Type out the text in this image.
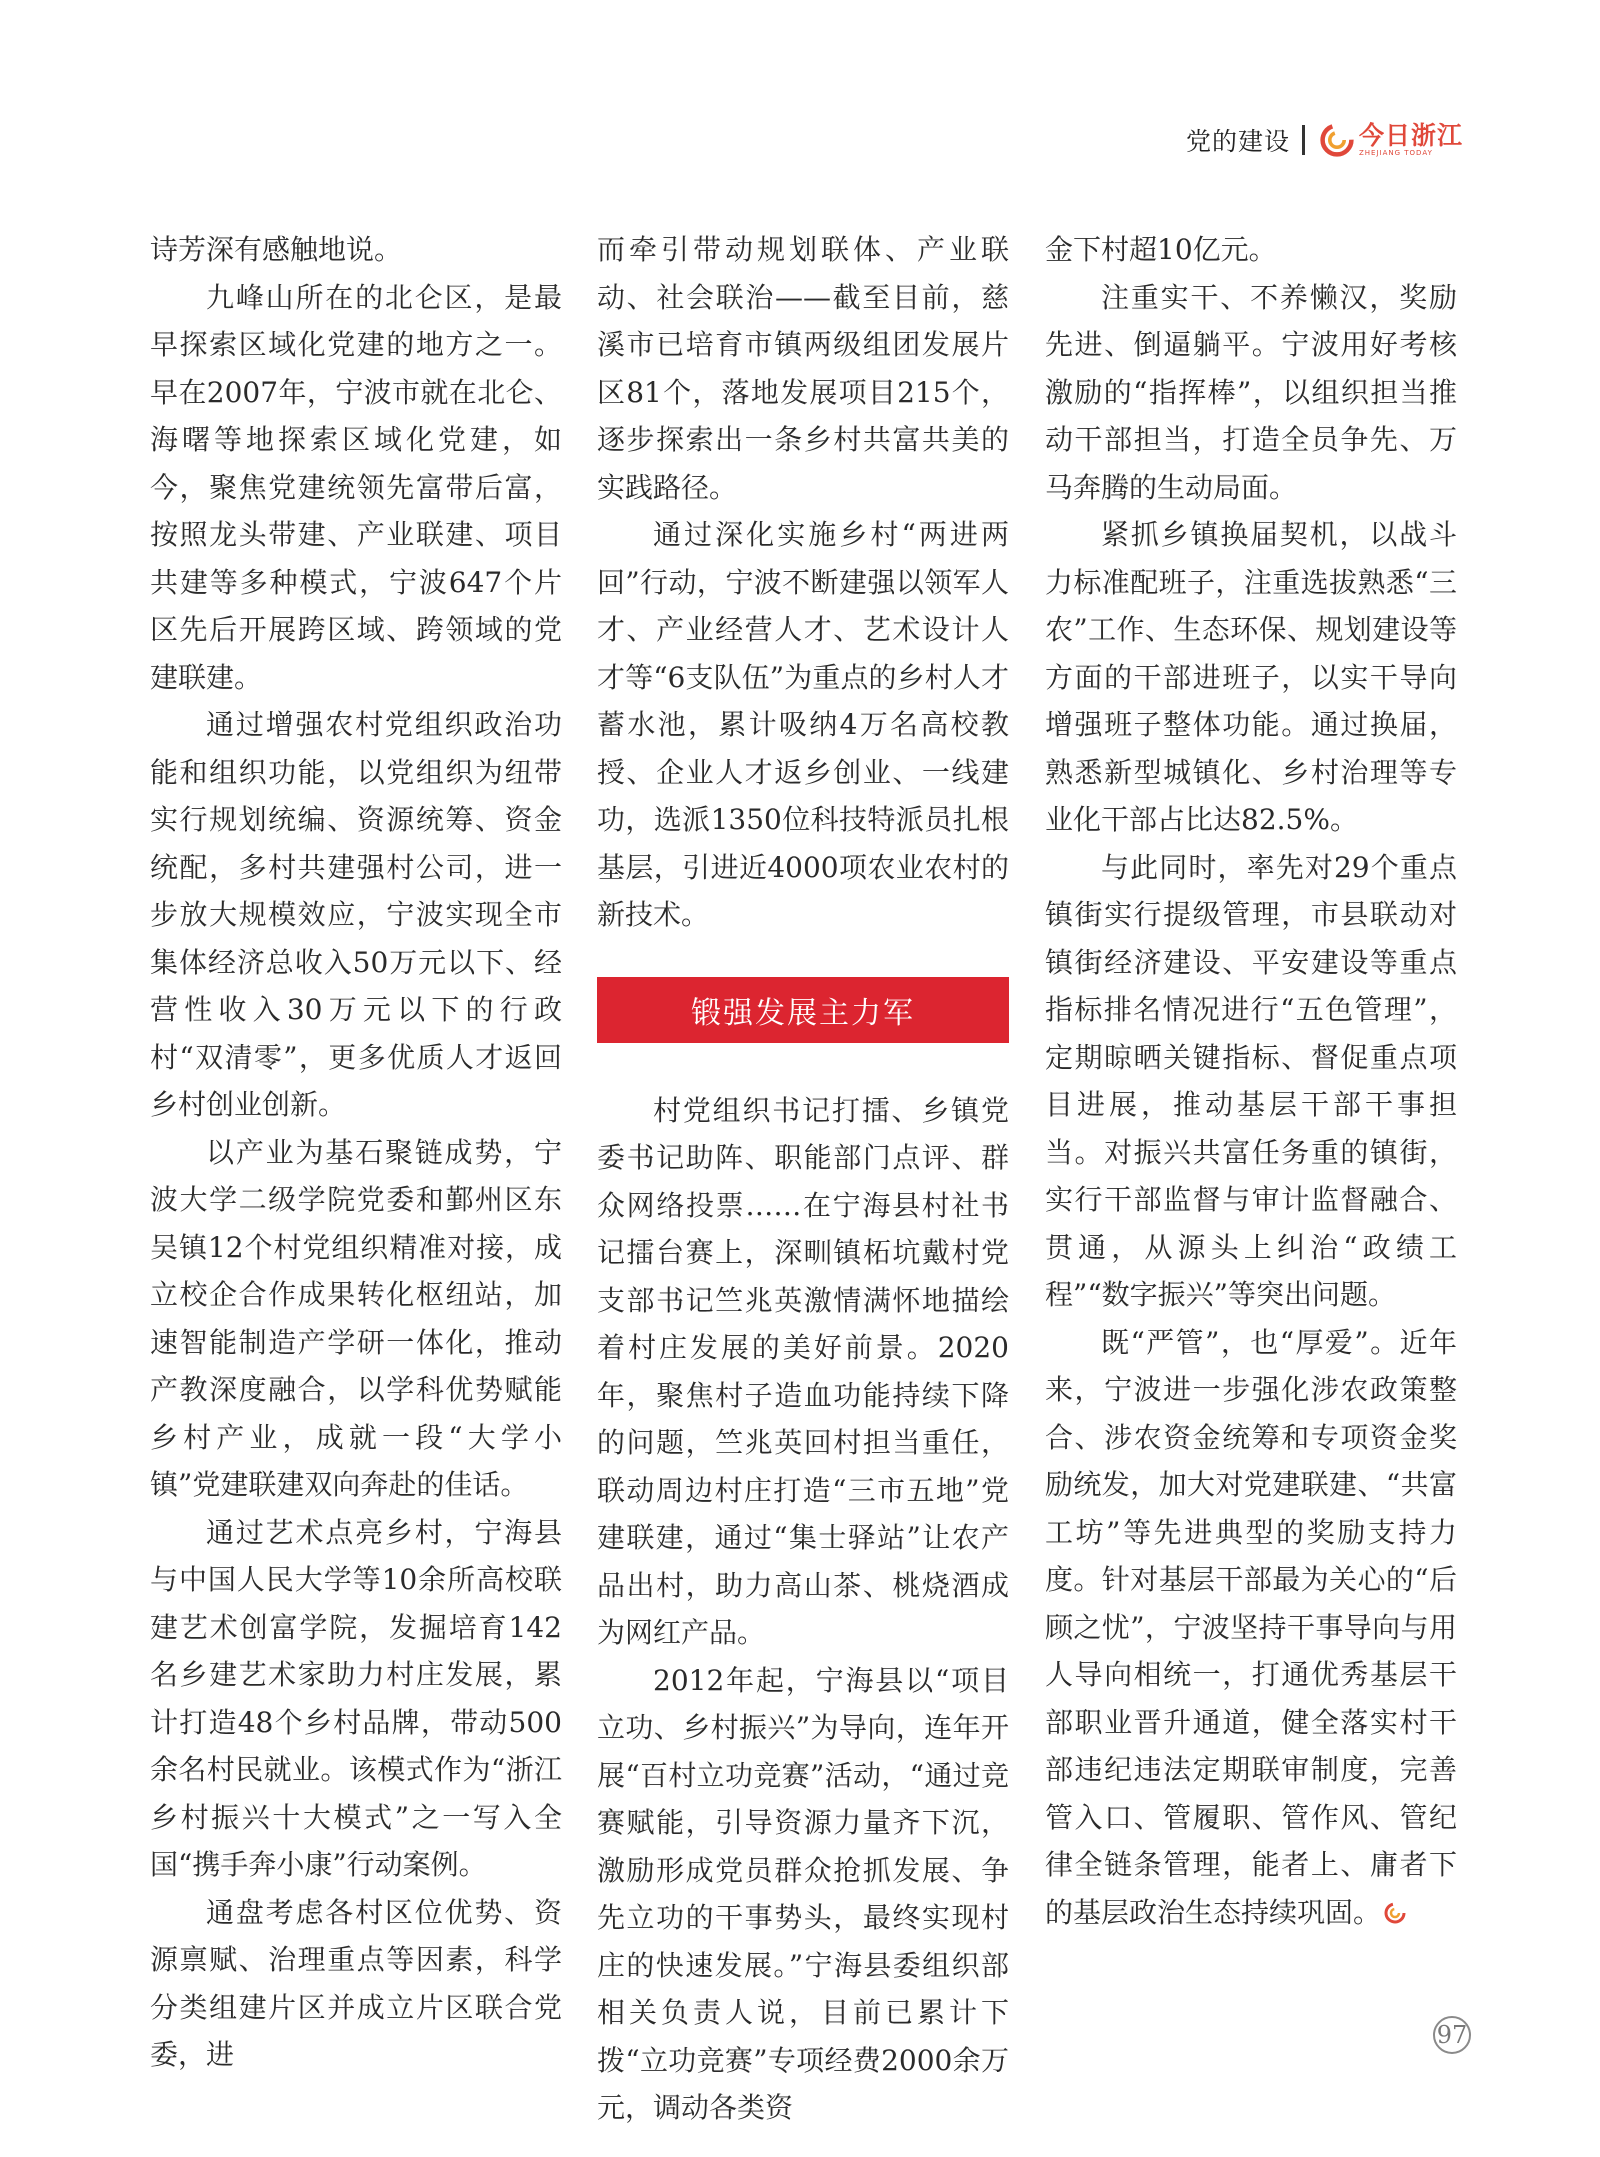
党的建设	今日浙江
ZHEJIANG TODAY

诗芳深有感触地说。

九峰山所在的北仑区，是最早探索区域化党建的地方之一。早在2007年，宁波市就在北仑、海曙等地探索区域化党建，如今，聚焦党建统领先富带后富，按照龙头带建、产业联建、项目共建等多种模式，宁波647个片区先后开展跨区域、跨领域的党建联建。

通过增强农村党组织政治功能和组织功能，以党组织为纽带实行规划统编、资源统筹、资金统配，多村共建强村公司，进一步放大规模效应，宁波实现全市集体经济总收入50万元以下、经营性收入30万元以下的行政村“双清零”，更多优质人才返回乡村创业创新。

以产业为基石聚链成势，宁波大学二级学院党委和鄞州区东吴镇12个村党组织精准对接，成立校企合作成果转化枢纽站，加速智能制造产学研一体化，推动产教深度融合，以学科优势赋能乡村产业，成就一段“大学小镇”党建联建双向奔赴的佳话。

通过艺术点亮乡村，宁海县与中国人民大学等10余所高校联建艺术创富学院，发掘培育142名乡建艺术家助力村庄发展，累计打造48个乡村品牌，带动500余名村民就业。该模式作为“浙江乡村振兴十大模式”之一写入全国“携手奔小康”行动案例。

通盘考虑各村区位优势、资源禀赋、治理重点等因素，科学分类组建片区并成立片区联合党委，进

而牵引带动规划联体、产业联动、社会联治——截至目前，慈溪市已培育市镇两级组团发展片区81个，落地发展项目215个，逐步探索出一条乡村共富共美的实践路径。

通过深化实施乡村“两进两回”行动，宁波不断建强以领军人才、产业经营人才、艺术设计人才等“6支队伍”为重点的乡村人才蓄水池，累计吸纳4万名高校教授、企业人才返乡创业、一线建功，选派1350位科技特派员扎根基层，引进近4000项农业农村的新技术。

锻强发展主力军

村党组织书记打擂、乡镇党委书记助阵、职能部门点评、群众网络投票……在宁海县村社书记擂台赛上，深甽镇柘坑戴村党支部书记竺兆英激情满怀地描绘着村庄发展的美好前景。2020年，聚焦村子造血功能持续下降的问题，竺兆英回村担当重任，联动周边村庄打造“三市五地”党建联建，通过“集士驿站”让农产品出村，助力高山茶、桃烧酒成为网红产品。

2012年起，宁海县以“项目立功、乡村振兴”为导向，连年开展“百村立功竞赛”活动，“通过竞赛赋能，引导资源力量齐下沉，激励形成党员群众抢抓发展、争先立功的干事势头，最终实现村庄的快速发展。”宁海县委组织部相关负责人说，目前已累计下拨“立功竞赛”专项经费2000余万元，调动各类资

金下村超10亿元。

注重实干、不养懒汉，奖励先进、倒逼躺平。宁波用好考核激励的“指挥棒”，以组织担当推动干部担当，打造全员争先、万马奔腾的生动局面。

紧抓乡镇换届契机，以战斗力标准配班子，注重选拔熟悉“三农”工作、生态环保、规划建设等方面的干部进班子，以实干导向增强班子整体功能。通过换届，熟悉新型城镇化、乡村治理等专业化干部占比达82.5%。

与此同时，率先对29个重点镇街实行提级管理，市县联动对镇街经济建设、平安建设等重点指标排名情况进行“五色管理”，定期晾晒关键指标、督促重点项目进展，推动基层干部干事担当。对振兴共富任务重的镇街，实行干部监督与审计监督融合、贯通，从源头上纠治“政绩工程”“数字振兴”等突出问题。

既“严管”，也“厚爱”。近年来，宁波进一步强化涉农政策整合、涉农资金统筹和专项资金奖励统发，加大对党建联建、“共富工坊”等先进典型的奖励支持力度。针对基层干部最为关心的“后顾之忧”，宁波坚持干事导向与用人导向相统一，打通优秀基层干部职业晋升通道，健全落实村干部违纪违法定期联审制度，完善管入口、管履职、管作风、管纪律全链条管理，能者上、庸者下的基层政治生态持续巩固。

97
